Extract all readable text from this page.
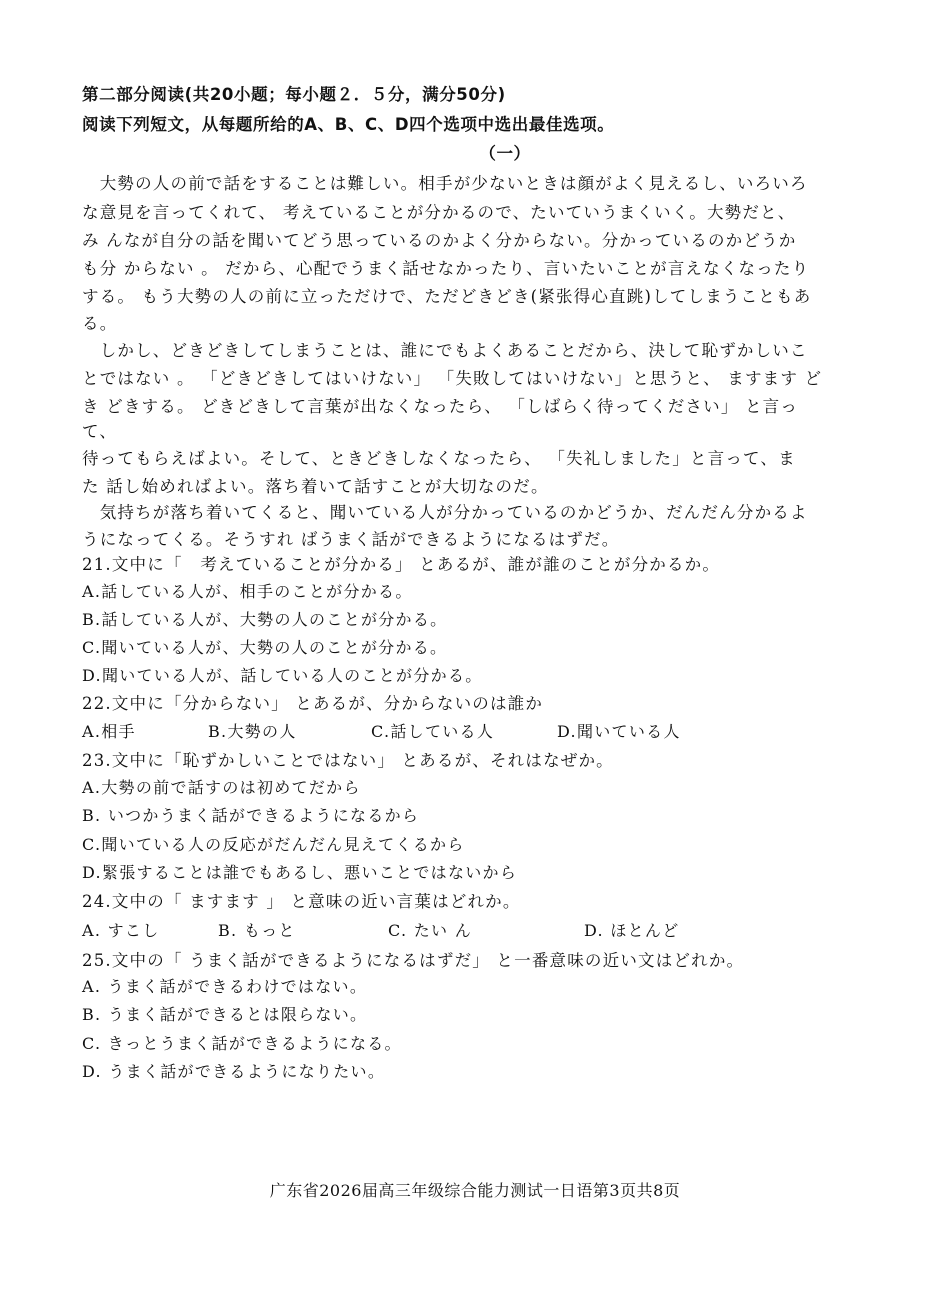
第二部分阅读(共20小题；每小题２．５分，满分50分)
阅读下列短文，从每题所给的A、B、C、D四个选项中选出最佳选项。
（一）
　大勢の人の前で話をすることは難しい。相手が少ないときは顔がよく見えるし、いろいろ
な意見を言ってくれて、 考えていることが分かるので、たいていうまくいく。大勢だと、
み んなが自分の話を聞いてどう思っているのかよく分からない。分かっているのかどうか
も分 からない 。 だから、心配でうまく話せなかったり、言いたいことが言えなくなったり
する。 もう大勢の人の前に立っただけで、ただどきどき(紧张得心直跳)してしまうこともあ
る。
　しかし、どきどきしてしまうことは、誰にでもよくあることだから、決して恥ずかしいこ
とではない 。 「どきどきしてはいけない」 「失敗してはいけない」と思うと、 ますます ど
き どきする。 どきどきして言葉が出なくなったら、 「しばらく待ってください」 と言っ
て、
待ってもらえばよい。そして、ときどきしなくなったら、 「失礼しました」と言って、ま
た 話し始めればよい。落ち着いて話すことが大切なのだ。
　気持ちが落ち着いてくると、聞いている人が分かっているのかどうか、だんだん分かるよ
うになってくる。そうすれ ばうまく話ができるようになるはずだ。
21.文中に「　考えていることが分かる」 とあるが、誰が誰のことが分かるか。
A.話している人が、相手のことが分かる。
B.話している人が、大勢の人のことが分かる。
C.聞いている人が、大勢の人のことが分かる。
D.聞いている人が、話している人のことが分かる。
22.文中に「分からない」 とあるが、分からないのは誰か
A.相手	B.大勢の人	C.話している人	D.聞いている人
23.文中に「恥ずかしいことではない」 とあるが、それはなぜか。
A.大勢の前で話すのは初めてだから
B. いつかうまく話ができるようになるから
C.聞いている人の反応がだんだん見えてくるから
D.緊張することは誰でもあるし、悪いことではないから
24.文中の「 ますます 」 と意味の近い言葉はどれか。
A. すこし	B. もっと	C. たい ん	D. ほとんど
25.文中の「 うまく話ができるようになるはずだ」 と一番意味の近い文はどれか。
A. うまく話ができるわけではない。
B. うまく話ができるとは限らない。
C. きっとうまく話ができるようになる。
D. うまく話ができるようになりたい。
广东省2026届高三年级综合能力测试一日语第3页共8页
